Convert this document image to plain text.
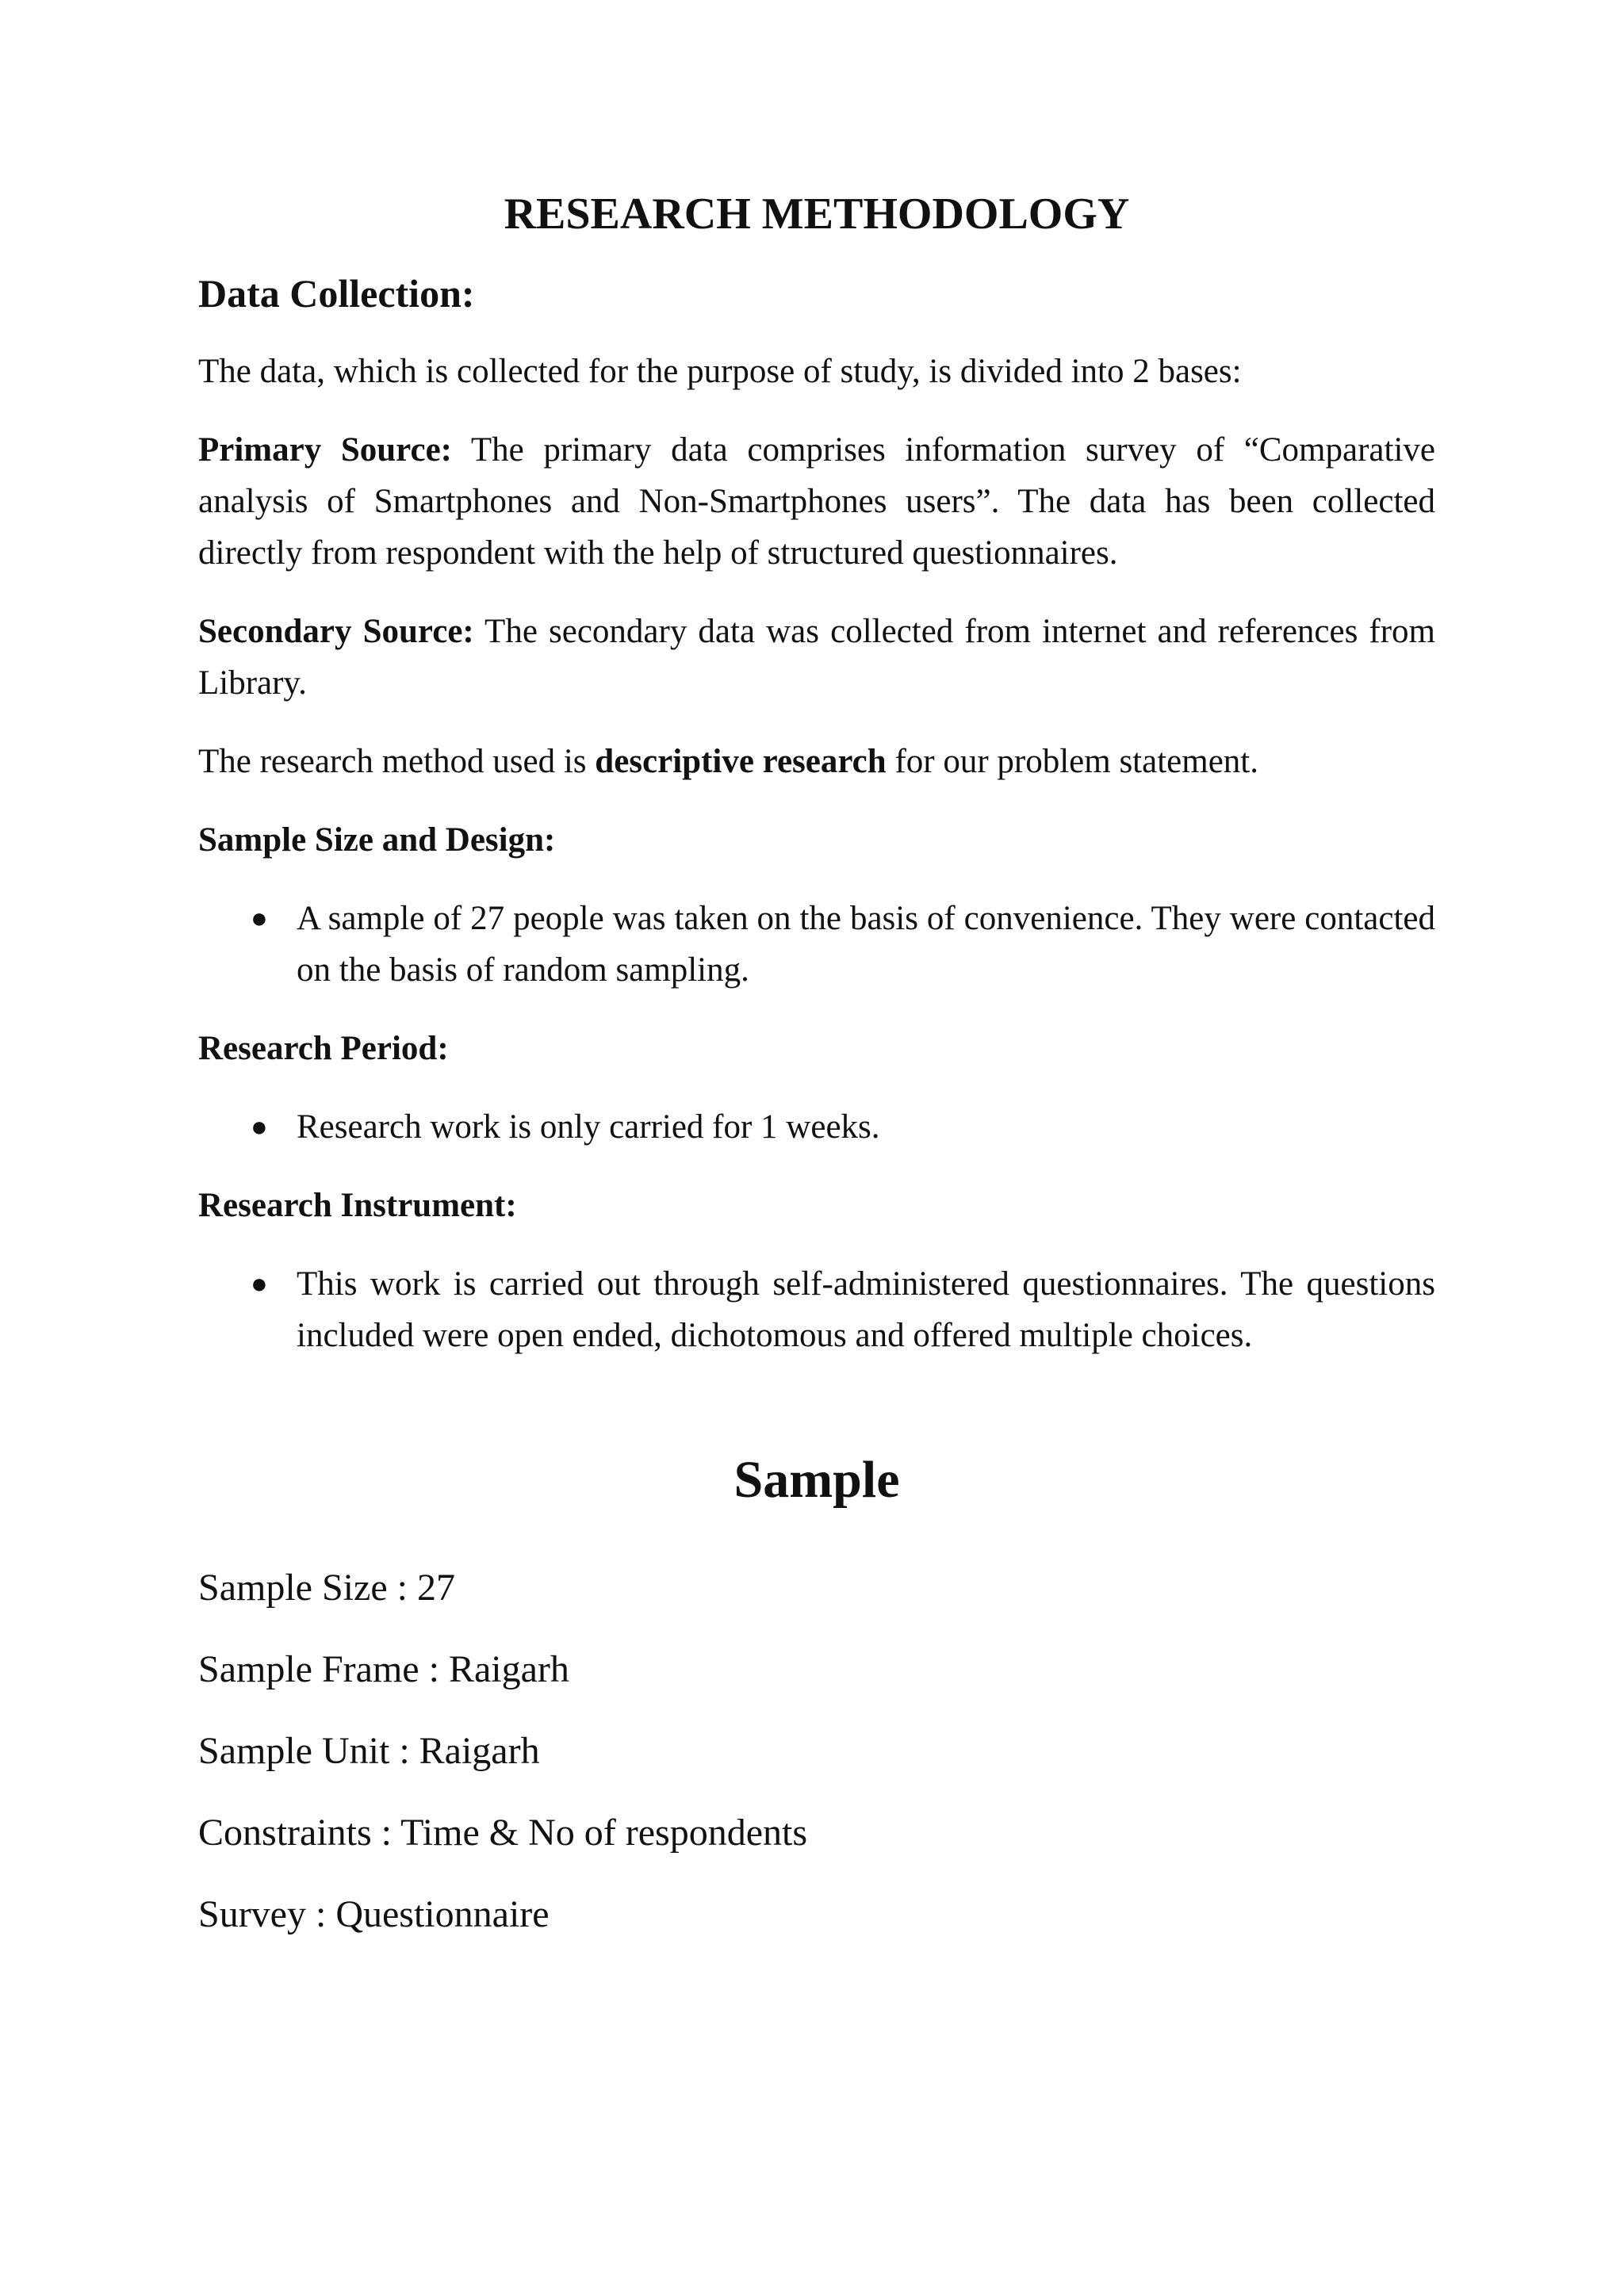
RESEARCH METHODOLOGY
Data Collection:

The data, which is collected for the purpose of study, is divided into 2 bases:

Primary Source: The primary data comprises information survey of “Comparative analysis of Smartphones and Non-Smartphones users”. The data has been collected directly from respondent with the help of structured questionnaires.

Secondary Source: The secondary data was collected from internet and references from Library.

The research method used is descriptive research for our problem statement.

Sample Size and Design:
● A sample of 27 people was taken on the basis of convenience. They were contacted on the basis of random sampling.
Research Period:
● Research work is only carried for 1 weeks.
Research Instrument:
● This work is carried out through self-administered questionnaires. The questions included were open ended, dichotomous and offered multiple choices.
Sample
Sample Size : 27
Sample Frame : Raigarh
Sample Unit : Raigarh
Constraints : Time & No of respondents
Survey : Questionnaire
